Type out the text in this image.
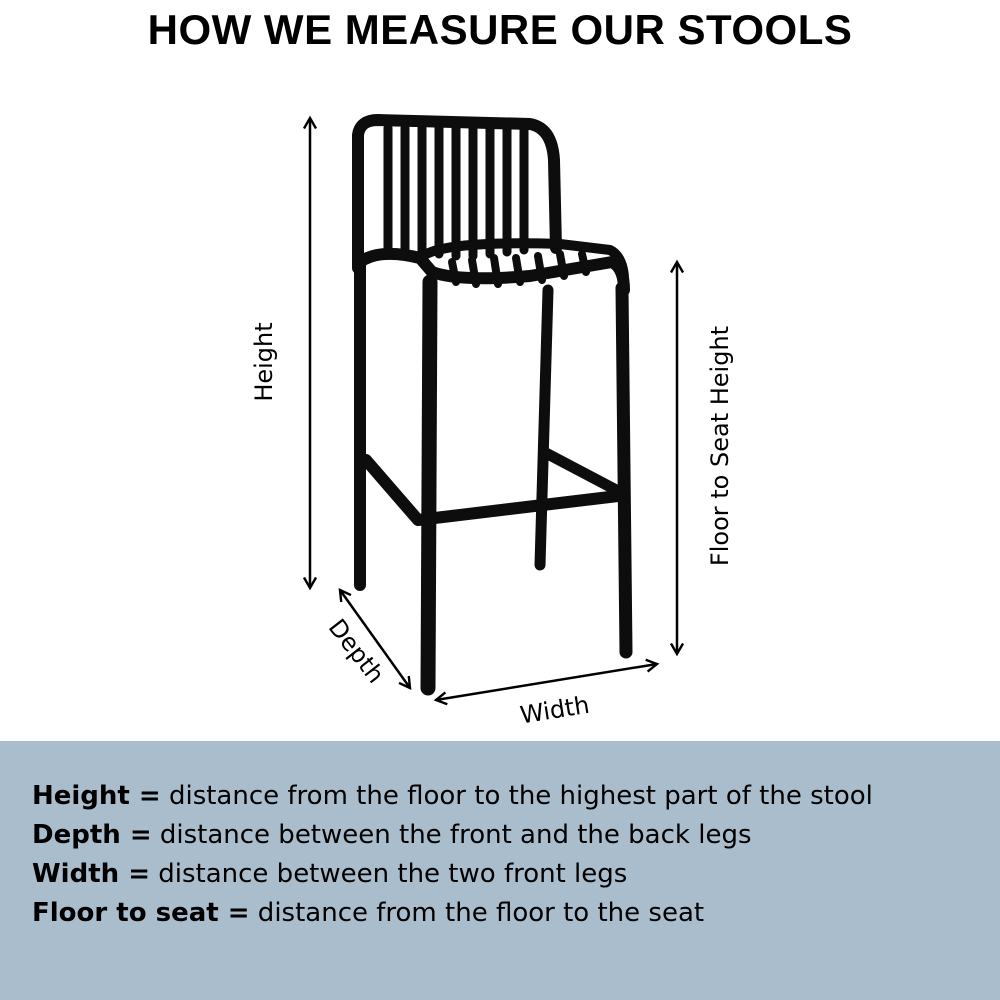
HOW WE MEASURE OUR STOOLS
Height	Floor to Seat Height
Depth
Width
Height = distance from the floor to the highest part of the stool
Depth = distance between the front and the back legs
Width = distance between the two front legs
Floor to seat = distance from the floor to the seat
